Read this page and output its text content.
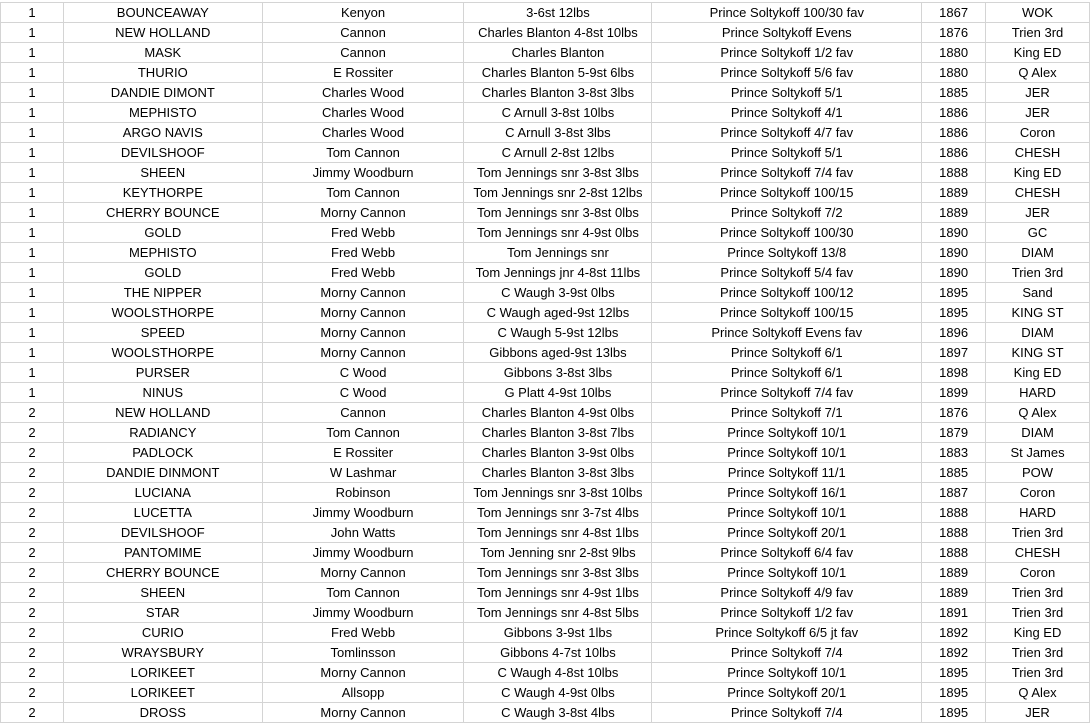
1	BOUNCEAWAY	Kenyon	3-6st 12lbs	Prince Soltykoff 100/30 fav	1867	WOK
1	NEW HOLLAND	Cannon	Charles Blanton 4-8st 10lbs	Prince Soltykoff Evens	1876	Trien 3rd
1	MASK	Cannon	Charles Blanton	Prince Soltykoff 1/2 fav	1880	King ED
1	THURIO	E Rossiter	Charles Blanton 5-9st 6lbs	Prince Soltykoff 5/6 fav	1880	Q Alex
1	DANDIE DIMONT	Charles Wood	Charles Blanton 3-8st 3lbs	Prince Soltykoff 5/1	1885	JER
1	MEPHISTO	Charles Wood	C Arnull 3-8st 10lbs	Prince Soltykoff 4/1	1886	JER
1	ARGO NAVIS	Charles Wood	C Arnull 3-8st 3lbs	Prince Soltykoff 4/7 fav	1886	Coron
1	DEVILSHOOF	Tom Cannon	C Arnull 2-8st 12lbs	Prince Soltykoff 5/1	1886	CHESH
1	SHEEN	Jimmy Woodburn	Tom Jennings snr 3-8st 3lbs	Prince Soltykoff 7/4 fav	1888	King ED
1	KEYTHORPE	Tom Cannon	Tom Jennings snr 2-8st 12lbs	Prince Soltykoff 100/15	1889	CHESH
1	CHERRY BOUNCE	Morny Cannon	Tom Jennings snr 3-8st 0lbs	Prince Soltykoff 7/2	1889	JER
1	GOLD	Fred Webb	Tom Jennings snr 4-9st 0lbs	Prince Soltykoff 100/30	1890	GC
1	MEPHISTO	Fred Webb	Tom Jennings snr	Prince Soltykoff 13/8	1890	DIAM
1	GOLD	Fred Webb	Tom Jennings jnr 4-8st 11lbs	Prince Soltykoff 5/4 fav	1890	Trien 3rd
1	THE NIPPER	Morny Cannon	C Waugh 3-9st 0lbs	Prince Soltykoff 100/12	1895	Sand
1	WOOLSTHORPE	Morny Cannon	C Waugh aged-9st 12lbs	Prince Soltykoff 100/15	1895	KING ST
1	SPEED	Morny Cannon	C Waugh 5-9st 12lbs	Prince Soltykoff Evens fav	1896	DIAM
1	WOOLSTHORPE	Morny Cannon	Gibbons aged-9st 13lbs	Prince Soltykoff 6/1	1897	KING ST
1	PURSER	C Wood	Gibbons 3-8st 3lbs	Prince Soltykoff 6/1	1898	King ED
1	NINUS	C Wood	G Platt 4-9st 10lbs	Prince Soltykoff 7/4 fav	1899	HARD
2	NEW HOLLAND	Cannon	Charles Blanton 4-9st 0lbs	Prince Soltykoff 7/1	1876	Q Alex
2	RADIANCY	Tom Cannon	Charles Blanton 3-8st 7lbs	Prince Soltykoff 10/1	1879	DIAM
2	PADLOCK	E Rossiter	Charles Blanton 3-9st 0lbs	Prince Soltykoff 10/1	1883	St James
2	DANDIE DINMONT	W Lashmar	Charles Blanton 3-8st 3lbs	Prince Soltykoff 11/1	1885	POW
2	LUCIANA	Robinson	Tom Jennings snr 3-8st 10lbs	Prince Soltykoff 16/1	1887	Coron
2	LUCETTA	Jimmy Woodburn	Tom Jennings snr 3-7st 4lbs	Prince Soltykoff 10/1	1888	HARD
2	DEVILSHOOF	John Watts	Tom Jennings snr 4-8st 1lbs	Prince Soltykoff 20/1	1888	Trien 3rd
2	PANTOMIME	Jimmy Woodburn	Tom Jenning snr 2-8st 9lbs	Prince Soltykoff 6/4 fav	1888	CHESH
2	CHERRY BOUNCE	Morny Cannon	Tom Jennings snr 3-8st 3lbs	Prince Soltykoff 10/1	1889	Coron
2	SHEEN	Tom Cannon	Tom Jennings snr 4-9st 1lbs	Prince Soltykoff 4/9 fav	1889	Trien 3rd
2	STAR	Jimmy Woodburn	Tom Jennings snr 4-8st 5lbs	Prince Soltykoff 1/2 fav	1891	Trien 3rd
2	CURIO	Fred Webb	Gibbons 3-9st 1lbs	Prince Soltykoff 6/5 jt fav	1892	King ED
2	WRAYSBURY	Tomlinsson	Gibbons 4-7st 10lbs	Prince Soltykoff 7/4	1892	Trien 3rd
2	LORIKEET	Morny Cannon	C Waugh 4-8st 10lbs	Prince Soltykoff 10/1	1895	Trien 3rd
2	LORIKEET	Allsopp	C Waugh 4-9st 0lbs	Prince Soltykoff 20/1	1895	Q Alex
2	DROSS	Morny Cannon	C Waugh 3-8st 4lbs	Prince Soltykoff 7/4	1895	JER
